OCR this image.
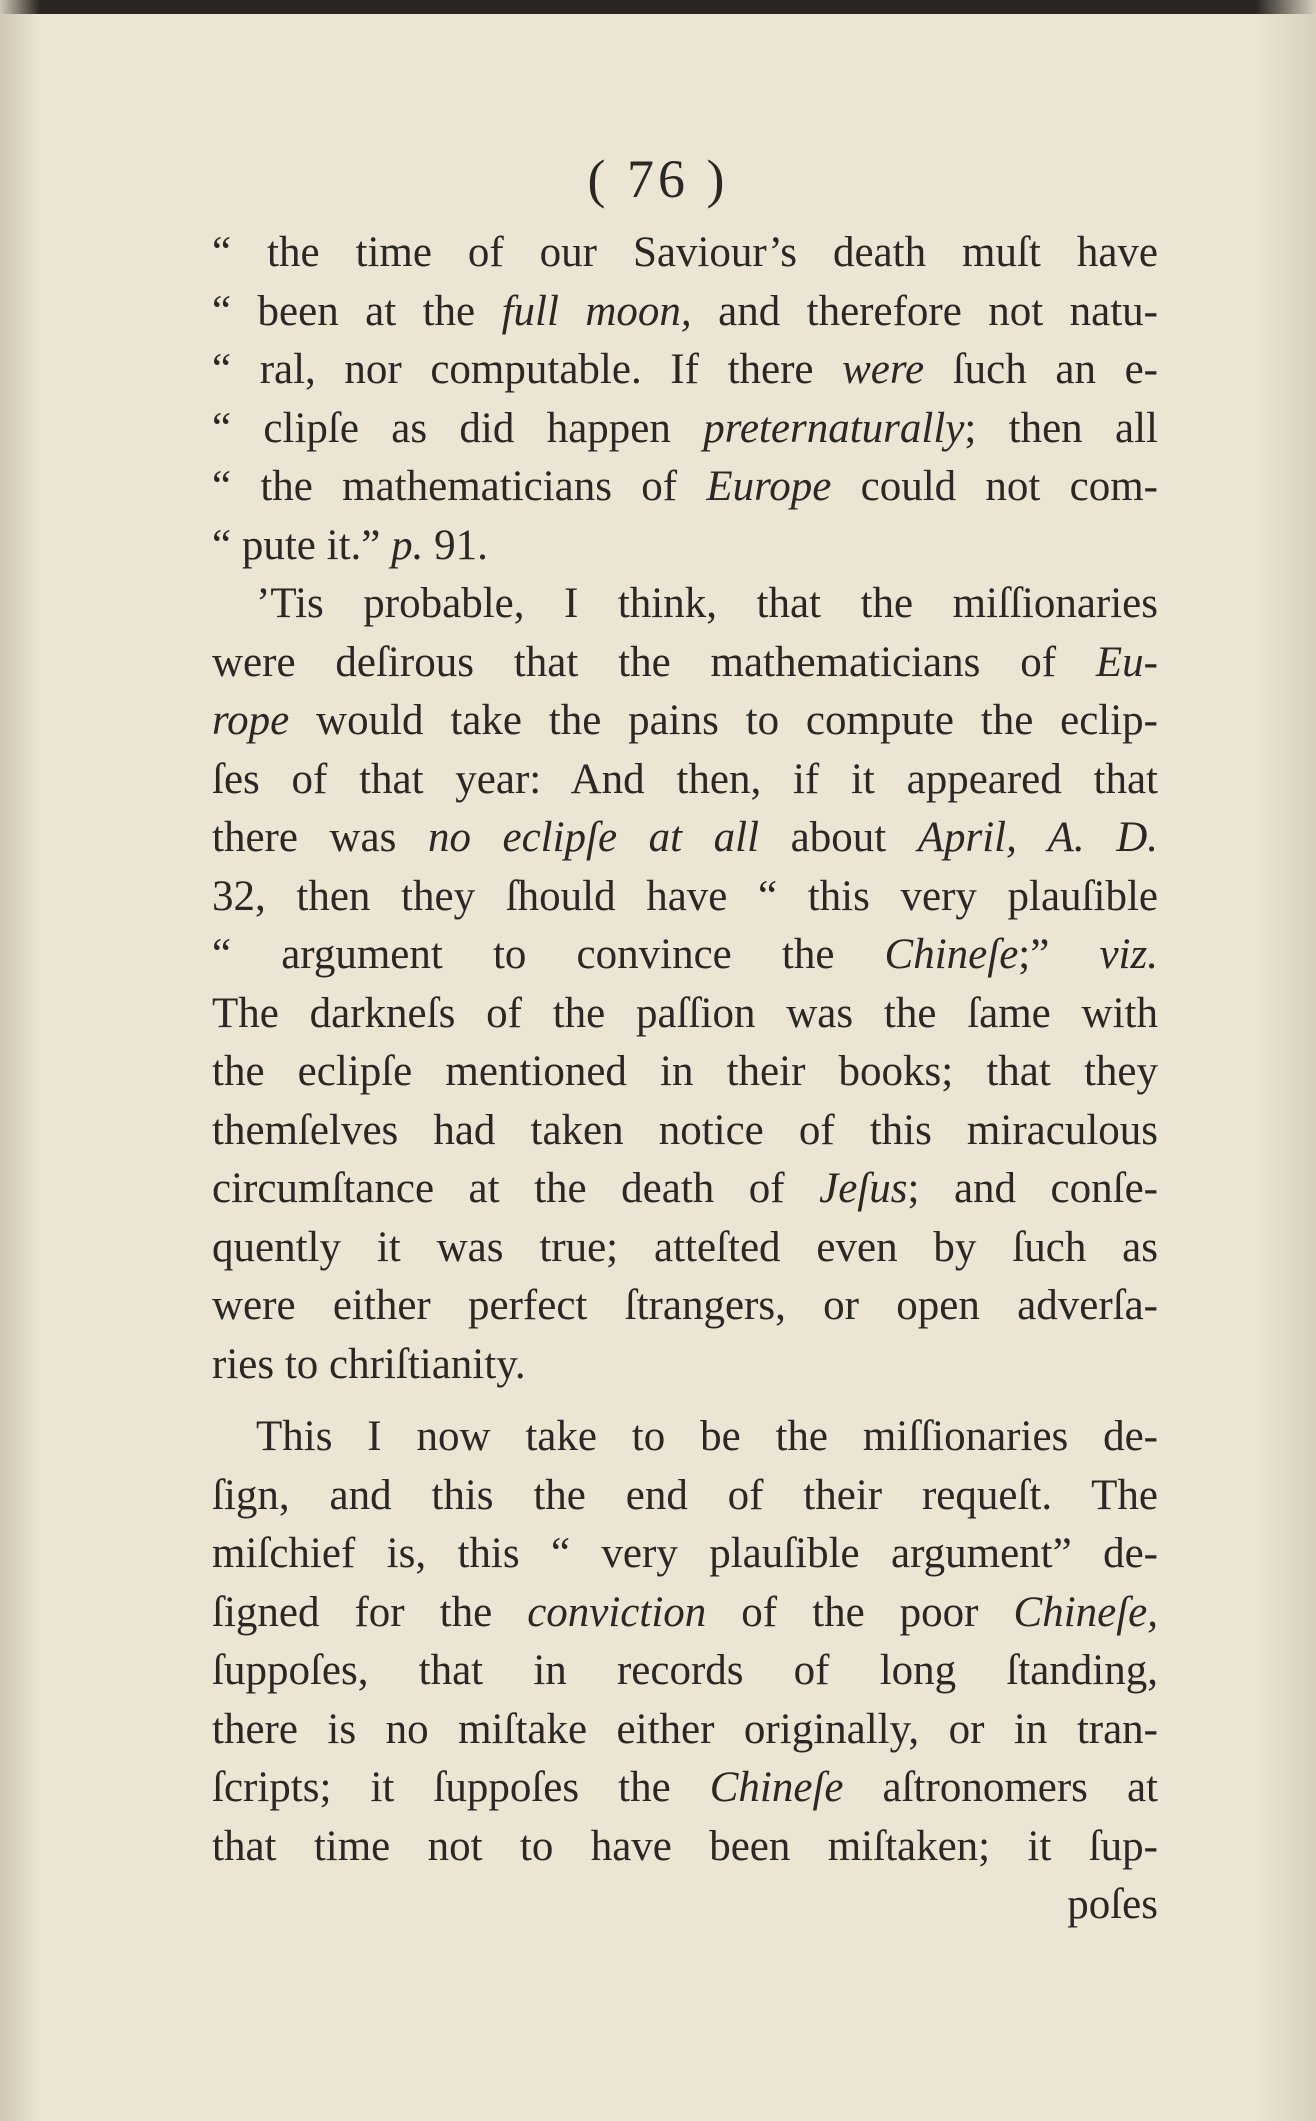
( 76 )
“ the time of our Saviour’s death muſt have
“ been at the full moon, and therefore not natu-
“ ral, nor computable. If there were ſuch an e-
“ clipſe as did happen preternaturally; then all
“ the mathematicians of Europe could not com-
“ pute it.” p. 91.
’Tis probable, I think, that the miſſionaries
were deſirous that the mathematicians of Eu-
rope would take the pains to compute the eclip-
ſes of that year: And then, if it appeared that
there was no eclipſe at all about April, A. D.
32, then they ſhould have “ this very plauſible
“ argument to convince the Chineſe;” viz.
The darkneſs of the paſſion was the ſame with
the eclipſe mentioned in their books; that they
themſelves had taken notice of this miraculous
circumſtance at the death of Jeſus; and conſe-
quently it was true; atteſted even by ſuch as
were either perfect ſtrangers, or open adverſa-
ries to chriſtianity.
This I now take to be the miſſionaries de-
ſign, and this the end of their requeſt. The
miſchief is, this “ very plauſible argument” de-
ſigned for the conviction of the poor Chineſe,
ſuppoſes, that in records of long ſtanding,
there is no miſtake either originally, or in tran-
ſcripts; it ſuppoſes the Chineſe aſtronomers at
that time not to have been miſtaken; it ſup-
poſes
